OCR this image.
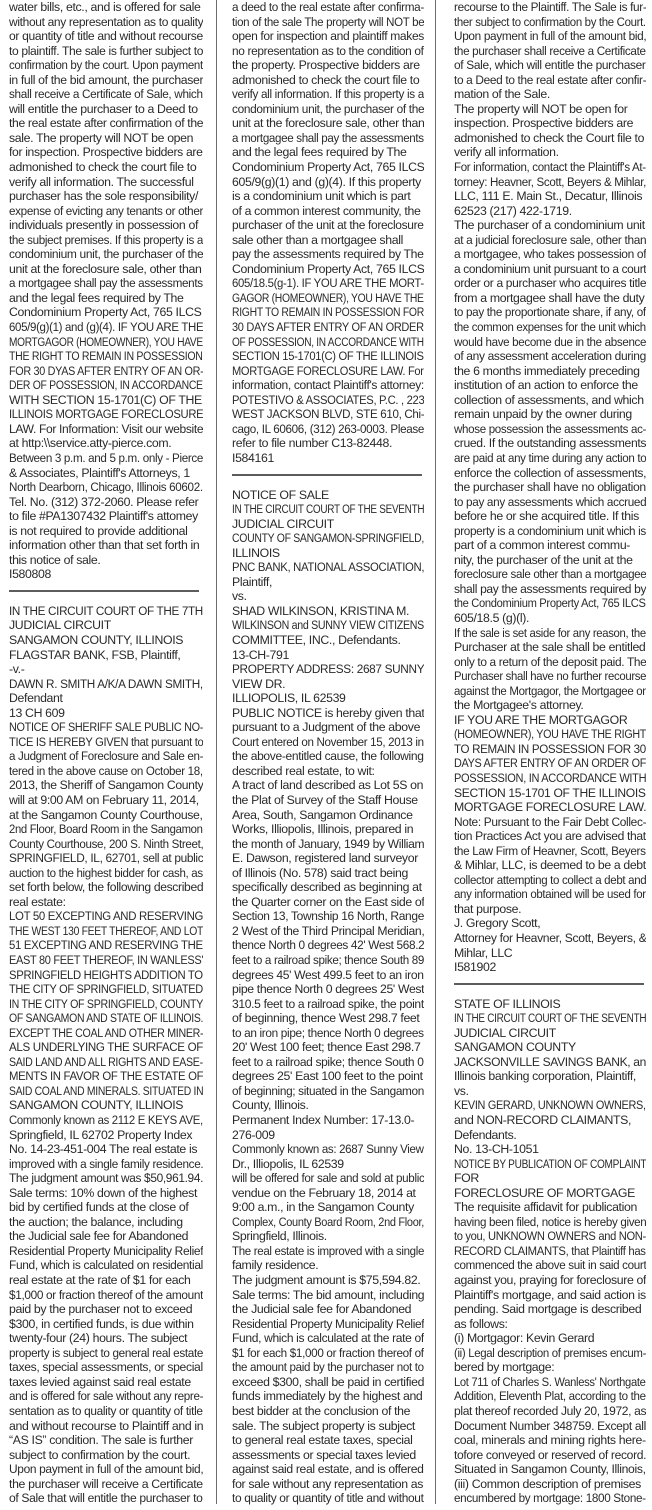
water bills, etc., and is offered for sale
without any representation as to quality
or quantity of title and without recourse
to plaintiff. The sale is further subject to
confirmation by the court. Upon payment
in full of the bid amount, the purchaser
shall receive a Certificate of Sale, which
will entitle the purchaser to a Deed to
the real estate after confirmation of the
sale. The property will NOT be open
for inspection. Prospective bidders are
admonished to check the court file to
verify all information. The successful
purchaser has the sole responsibility/
expense of evicting any tenants or other
individuals presently in possession of
the subject premises. If this property is a
condominium unit, the purchaser of the
unit at the foreclosure sale, other than
a mortgagee shall pay the assessments
and the legal fees required by The
Condominium Property Act, 765 ILCS
605/9(g)(1) and (g)(4). IF YOU ARE THE
MORTGAGOR (HOMEOWNER), YOU HAVE
THE RIGHT TO REMAIN IN POSSESSION
FOR 30 DYAS AFTER ENTRY OF AN OR-
DER OF POSSESSION, IN ACCORDANCE
WITH SECTION 15-1701(C) OF THE
ILLINOIS MORTGAGE FORECLOSURE
LAW. For Information: Visit our website
at http:\\service.atty-pierce.com.
Between 3 p.m. and 5 p.m. only - Pierce
& Associates, Plaintiff's Attorneys, 1
North Dearborn, Chicago, Illinois 60602.
Tel. No. (312) 372-2060. Please refer
to file #PA1307432 Plaintiff's attomey
is not required to provide additional
information other than that set forth in
this notice of sale.
I580808
IN THE CIRCUIT COURT OF THE 7TH
JUDICIAL CIRCUIT
SANGAMON COUNTY, ILLINOIS
FLAGSTAR BANK, FSB, Plaintiff,
-v.-
DAWN R. SMITH A/K/A DAWN SMITH,
Defendant
13 CH 609
NOTICE OF SHERIFF SALE PUBLIC NO-
TICE IS HEREBY GIVEN that pursuant to
a Judgment of Foreclosure and Sale en-
tered in the above cause on October 18,
2013, the Sheriff of Sangamon County
will at 9:00 AM on February 11, 2014,
at the Sangamon County Courthouse,
2nd Floor, Board Room in the Sangamon
County Courthouse, 200 S. Ninth Street,
SPRINGFIELD, IL, 62701, sell at public
auction to the highest bidder for cash, as
set forth below, the following described
real estate:
LOT 50 EXCEPTING AND RESERVING
THE WEST 130 FEET THEREOF, AND LOT
51 EXCEPTING AND RESERVING THE
EAST 80 FEET THEREOF, IN WANLESS'
SPRINGFIELD HEIGHTS ADDITION TO
THE CITY OF SPRINGFIELD, SITUATED
IN THE CITY OF SPRINGFIELD, COUNTY
OF SANGAMON AND STATE OF ILLINOIS.
EXCEPT THE COAL AND OTHER MINER-
ALS UNDERLYING THE SURFACE OF
SAID LAND AND ALL RIGHTS AND EASE-
MENTS IN FAVOR OF THE ESTATE OF
SAID COAL AND MINERALS. SITUATED IN
SANGAMON COUNTY, ILLINOIS
Commonly known as 2112 E KEYS AVE,
Springfield, IL 62702 Property Index
No. 14-23-451-004 The real estate is
improved with a single family residence.
The judgment amount was $50,961.94.
Sale terms: 10% down of the highest
bid by certified funds at the close of
the auction; the balance, including
the Judicial sale fee for Abandoned
Residential Property Municipality Relief
Fund, which is calculated on residential
real estate at the rate of $1 for each
$1,000 or fraction thereof of the amount
paid by the purchaser not to exceed
$300, in certified funds, is due within
twenty-four (24) hours. The subject
property is subject to general real estate
taxes, special assessments, or special
taxes levied against said real estate
and is offered for sale without any repre-
sentation as to quality or quantity of title
and without recourse to Plaintiff and in
“AS IS” condition. The sale is further
subject to confirmation by the court.
Upon payment in full of the amount bid,
the purchaser will receive a Certificate
of Sale that will entitle the purchaser to
a deed to the real estate after confirma-
tion of the sale The property will NOT be
open for inspection and plaintiff makes
no representation as to the condition of
the property. Prospective bidders are
admonished to check the court file to
verify all information. If this property is a
condominium unit, the purchaser of the
unit at the foreclosure sale, other than
a mortgagee shall pay the assessments
and the legal fees required by The
Condominium Property Act, 765 ILCS
605/9(g)(1) and (g)(4). If this property
is a condominium unit which is part
of a common interest community, the
purchaser of the unit at the foreclosure
sale other than a mortgagee shall
pay the assessments required by The
Condominium Property Act, 765 ILCS
605/18.5(g-1). IF YOU ARE THE MORT-
GAGOR (HOMEOWNER), YOU HAVE THE
RIGHT TO REMAIN IN POSSESSION FOR
30 DAYS AFTER ENTRY OF AN ORDER
OF POSSESSION, IN ACCORDANCE WITH
SECTION 15-1701(C) OF THE ILLINOIS
MORTGAGE FORECLOSURE LAW. For
information, contact Plaintiff's attorney:
POTESTIVO & ASSOCIATES, P.C. , 223
WEST JACKSON BLVD, STE 610, Chi-
cago, IL 60606, (312) 263-0003. Please
refer to file number C13-82448.
I584161
NOTICE OF SALE
IN THE CIRCUIT COURT OF THE SEVENTH
JUDICIAL CIRCUIT
COUNTY OF SANGAMON-SPRINGFIELD,
ILLINOIS
PNC BANK, NATIONAL ASSOCIATION,
Plaintiff,
vs.
SHAD WILKINSON, KRISTINA M.
WILKINSON and SUNNY VIEW CITIZENS
COMMITTEE, INC., Defendants.
13-CH-791
PROPERTY ADDRESS: 2687 SUNNY
VIEW DR.
ILLIOPOLIS, IL 62539
PUBLIC NOTICE is hereby given that
pursuant to a Judgment of the above
Court entered on November 15, 2013 in
the above-entitled cause, the following
described real estate, to wit:
A tract of land described as Lot 5S on
the Plat of Survey of the Staff House
Area, South, Sangamon Ordinance
Works, Illiopolis, Illinois, prepared in
the month of January, 1949 by William
E. Dawson, registered land surveyor
of Illinois (No. 578) said tract being
specifically described as beginning at
the Quarter corner on the East side of
Section 13, Township 16 North, Range
2 West of the Third Principal Meridian,
thence North 0 degrees 42' West 568.2
feet to a railroad spike; thence South 89
degrees 45' West 499.5 feet to an iron
pipe thence North 0 degrees 25' West
310.5 feet to a railroad spike, the point
of beginning, thence West 298.7 feet
to an iron pipe; thence North 0 degrees
20' West 100 feet; thence East 298.7
feet to a railroad spike; thence South 0
degrees 25' East 100 feet to the point
of beginning; situated in the Sangamon
County, Illinois.
Permanent Index Number: 17-13.0-
276-009
Commonly known as: 2687 Sunny View
Dr., Illiopolis, IL 62539
will be offered for sale and sold at public
vendue on the February 18, 2014 at
9:00 a.m., in the Sangamon County
Complex, County Board Room, 2nd Floor,
Springfield, Illinois.
The real estate is improved with a single
family residence.
The judgment amount is $75,594.82.
Sale terms: The bid amount, including
the Judicial sale fee for Abandoned
Residential Property Municipality Relief
Fund, which is calculated at the rate of
$1 for each $1,000 or fraction thereof of
the amount paid by the purchaser not to
exceed $300, shall be paid in certified
funds immediately by the highest and
best bidder at the conclusion of the
sale. The subject property is subject
to general real estate taxes, special
assessments or special taxes levied
against said real estate, and is offered
for sale without any representation as
to quality or quantity of title and without
recourse to the Plaintiff. The Sale is fur-
ther subject to confirmation by the Court.
Upon payment in full of the amount bid,
the purchaser shall receive a Certificate
of Sale, which will entitle the purchaser
to a Deed to the real estate after confir-
mation of the Sale.
The property will NOT be open for
inspection. Prospective bidders are
admonished to check the Court file to
verify all information.
For information, contact the Plaintiff's At-
torney: Heavner, Scott, Beyers & Mihlar,
LLC, 111 E. Main St., Decatur, Illinois
62523 (217) 422-1719.
The purchaser of a condominium unit
at a judicial foreclosure sale, other than
a mortgagee, who takes possession of
a condominium unit pursuant to a court
order or a purchaser who acquires title
from a mortgagee shall have the duty
to pay the proportionate share, if any, of
the common expenses for the unit which
would have become due in the absence
of any assessment acceleration during
the 6 months immediately preceding
institution of an action to enforce the
collection of assessments, and which
remain unpaid by the owner during
whose possession the assessments ac-
crued. If the outstanding assessments
are paid at any time during any action to
enforce the collection of assessments,
the purchaser shall have no obligation
to pay any assessments which accrued
before he or she acquired title. If this
property is a condominium unit which is
part of a common interest commu-
nity, the purchaser of the unit at the
foreclosure sale other than a mortgagee
shall pay the assessments required by
the Condominium Property Act, 765 ILCS
605/18.5 (g)(l).
If the sale is set aside for any reason, the
Purchaser at the sale shall be entitled
only to a return of the deposit paid. The
Purchaser shall have no further recourse
against the Mortgagor, the Mortgagee or
the Mortgagee's attorney.
IF YOU ARE THE MORTGAGOR
(HOMEOWNER), YOU HAVE THE RIGHT
TO REMAIN IN POSSESSION FOR 30
DAYS AFTER ENTRY OF AN ORDER OF
POSSESSION, IN ACCORDANCE WITH
SECTION 15-1701 OF THE ILLINOIS
MORTGAGE FORECLOSURE LAW.
Note: Pursuant to the Fair Debt Collec-
tion Practices Act you are advised that
the Law Firm of Heavner, Scott, Beyers
& Mihlar, LLC, is deemed to be a debt
collector attempting to collect a debt and
any information obtained will be used for
that purpose.
J. Gregory Scott,
Attorney for Heavner, Scott, Beyers, &
Mihlar, LLC
I581902
STATE OF ILLINOIS
IN THE CIRCUIT COURT OF THE SEVENTH
JUDICIAL CIRCUIT
SANGAMON COUNTY
JACKSONVILLE SAVINGS BANK, an
Illinois banking corporation, Plaintiff,
vs.
KEVIN GERARD, UNKNOWN OWNERS,
and NON-RECORD CLAIMANTS,
Defendants.
No. 13-CH-1051
NOTICE BY PUBLICATION OF COMPLAINT
FOR
FORECLOSURE OF MORTGAGE
The requisite affidavit for publication
having been filed, notice is hereby given
to you, UNKNOWN OWNERS and NON-
RECORD CLAIMANTS, that Plaintiff has
commenced the above suit in said court
against you, praying for foreclosure of
Plaintiff's mortgage, and said action is
pending. Said mortgage is described
as follows:
(i) Mortgagor: Kevin Gerard
(ii) Legal description of premises encum-
bered by mortgage:
Lot 711 of Charles S. Wanless' Northgate
Addition, Eleventh Plat, according to the
plat thereof recorded July 20, 1972, as
Document Number 348759. Except all
coal, minerals and mining rights here-
tofore conveyed or reserved of record.
Situated in Sangamon County, Illinois,
(iii) Common description of premises
encumbered by mortgage: 1800 Stone-
